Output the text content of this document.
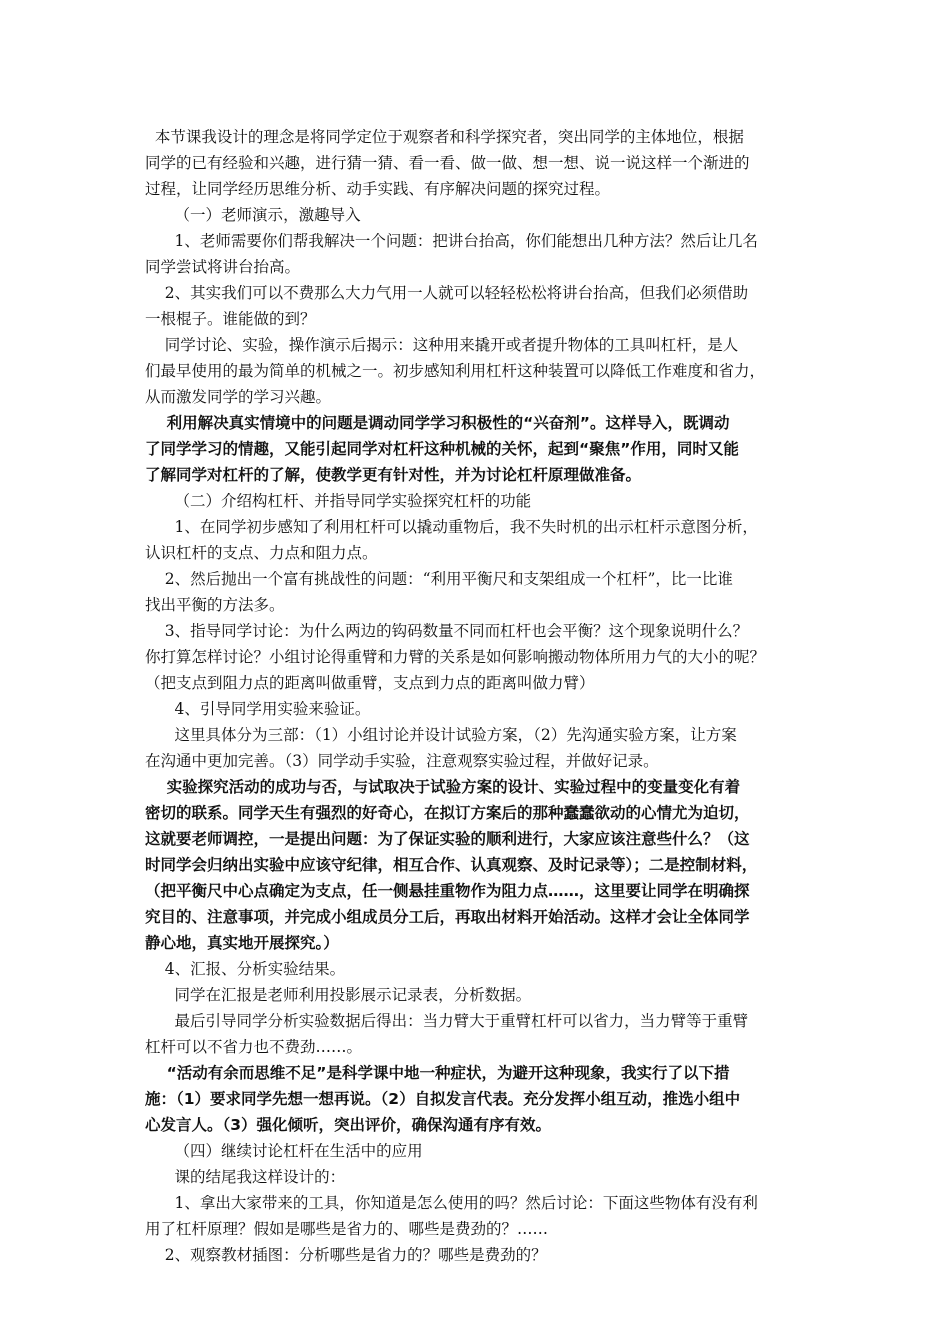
本节课我设计的理念是将同学定位于观察者和科学探究者，突出同学的主体地位，根据
同学的已有经验和兴趣，进行猜一猜、看一看、做一做、想一想、说一说这样一个渐进的
过程，让同学经历思维分析、动手实践、有序解决问题的探究过程。
（一）老师演示，激趣导入
1、老师需要你们帮我解决一个问题：把讲台抬高，你们能想出几种方法？然后让几名
同学尝试将讲台抬高。
2、其实我们可以不费那么大力气用一人就可以轻轻松松将讲台抬高，但我们必须借助
一根棍子。谁能做的到？
同学讨论、实验，操作演示后揭示：这种用来撬开或者提升物体的工具叫杠杆，是人
们最早使用的最为简单的机械之一。初步感知利用杠杆这种装置可以降低工作难度和省力，
从而激发同学的学习兴趣。
利用解决真实情境中的问题是调动同学学习积极性的“兴奋剂”。这样导入，既调动
了同学学习的情趣，又能引起同学对杠杆这种机械的关怀，起到“聚焦”作用，同时又能
了解同学对杠杆的了解，使教学更有针对性，并为讨论杠杆原理做准备。
（二）介绍构杠杆、并指导同学实验探究杠杆的功能
1、在同学初步感知了利用杠杆可以撬动重物后，我不失时机的出示杠杆示意图分析，
认识杠杆的支点、力点和阻力点。
2、然后抛出一个富有挑战性的问题：“利用平衡尺和支架组成一个杠杆”，比一比谁
找出平衡的方法多。
3、指导同学讨论：为什么两边的钩码数量不同而杠杆也会平衡？这个现象说明什么？
你打算怎样讨论？小组讨论得重臂和力臂的关系是如何影响搬动物体所用力气的大小的呢？
（把支点到阻力点的距离叫做重臂，支点到力点的距离叫做力臂）
4、引导同学用实验来验证。
这里具体分为三部：（1）小组讨论并设计试验方案，（2）先沟通实验方案，让方案
在沟通中更加完善。（3）同学动手实验，注意观察实验过程，并做好记录。
实验探究活动的成功与否，与试取决于试验方案的设计、实验过程中的变量变化有着
密切的联系。同学天生有强烈的好奇心，在拟订方案后的那种蠢蠢欲动的心情尤为迫切，
这就要老师调控，一是提出问题：为了保证实验的顺利进行，大家应该注意些什么？（这
时同学会归纳出实验中应该守纪律，相互合作、认真观察、及时记录等）；二是控制材料，
（把平衡尺中心点确定为支点，任一侧悬挂重物作为阻力点……，这里要让同学在明确探
究目的、注意事项，并完成小组成员分工后，再取出材料开始活动。这样才会让全体同学
静心地，真实地开展探究。）
4、汇报、分析实验结果。
同学在汇报是老师利用投影展示记录表，分析数据。
最后引导同学分析实验数据后得出：当力臂大于重臂杠杆可以省力，当力臂等于重臂
杠杆可以不省力也不费劲……。
“活动有余而思维不足”是科学课中地一种症状，为避开这种现象，我实行了以下措
施：（1）要求同学先想一想再说。（2）自拟发言代表。充分发挥小组互动，推选小组中
心发言人。（3）强化倾听，突出评价，确保沟通有序有效。
（四）继续讨论杠杆在生活中的应用
课的结尾我这样设计的：
1、拿出大家带来的工具，你知道是怎么使用的吗？然后讨论：下面这些物体有没有利
用了杠杆原理？假如是哪些是省力的、哪些是费劲的？……
2、观察教材插图：分析哪些是省力的？哪些是费劲的？
